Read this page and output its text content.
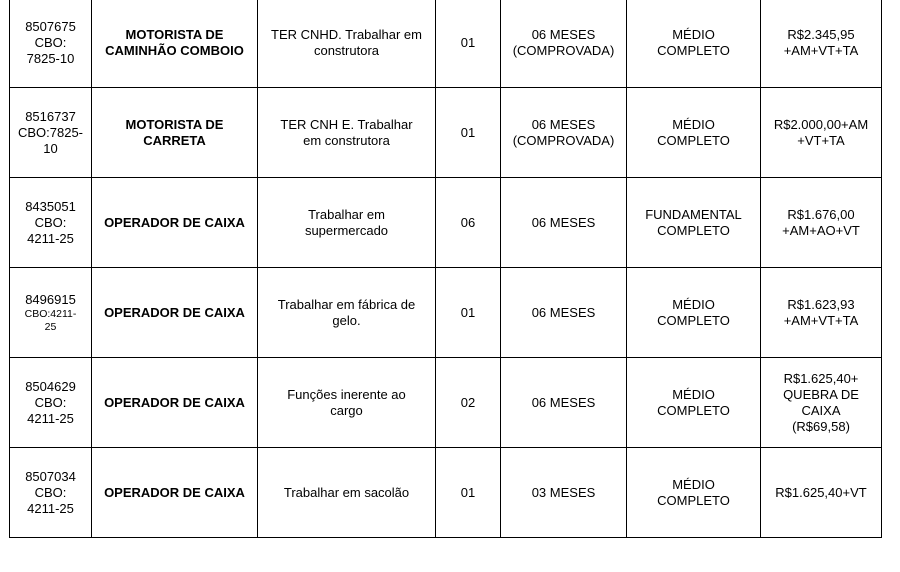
8507675
CBO:
7825-10	MOTORISTA DE
CAMINHÃO COMBOIO	TER CNHD. Trabalhar em
construtora	01	06 MESES
(COMPROVADA)	MÉDIO
COMPLETO	R$2.345,95
+AM+VT+TA

8516737
CBO:7825-
10	MOTORISTA DE
CARRETA	TER CNH E. Trabalhar
em construtora	01	06 MESES
(COMPROVADA)	MÉDIO
COMPLETO	R$2.000,00+AM
+VT+TA

8435051
CBO:
4211-25	OPERADOR DE CAIXA	Trabalhar em
supermercado	06	06 MESES	FUNDAMENTAL
COMPLETO	R$1.676,00
+AM+AO+VT

8496915
CBO:4211-
25	OPERADOR DE CAIXA	Trabalhar em fábrica de
gelo.	01	06 MESES	MÉDIO
COMPLETO	R$1.623,93
+AM+VT+TA

8504629
CBO:
4211-25	OPERADOR DE CAIXA	Funções inerente ao
cargo	02	06 MESES	MÉDIO
COMPLETO	R$1.625,40+
QUEBRA DE
CAIXA
(R$69,58)

8507034
CBO:
4211-25	OPERADOR DE CAIXA	Trabalhar em sacolão	01	03 MESES	MÉDIO
COMPLETO	R$1.625,40+VT
